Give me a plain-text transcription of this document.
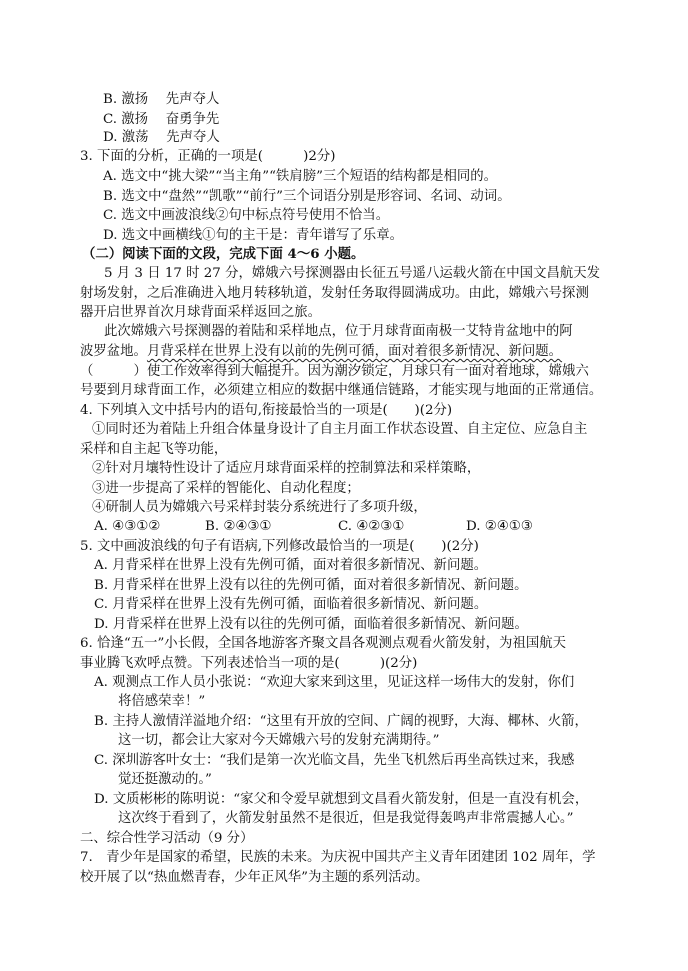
B. 激扬　 先声夺人
C. 激扬　 奋勇争先
D. 激荡　 先声夺人
3. 下面的分析，正确的一项是(　　　)2分)
A. 选文中“挑大梁”“当主角”“铁肩膀”三个短语的结构都是相同的。
B. 选文中“盘然”“凯歌”“前行”三个词语分别是形容词、名词、动词。
C. 选文中画波浪线②句中标点符号使用不恰当。
D. 选文中画横线①句的主干是：青年谱写了乐章。
（二）阅读下面的文段，完成下面 4～6 小题。
5 月 3 日 17 时 27 分，嫦娥六号探测器由长征五号遥八运载火箭在中国文昌航天发
射场发射，之后准确进入地月转移轨道，发射任务取得圆满成功。由此，嫦娥六号探测
器开启世界首次月球背面采样返回之旅。
此次嫦娥六号探测器的着陆和采样地点，位于月球背面南极一艾特肯盆地中的阿
波罗盆地。月背采样在世界上没有以前的先例可循，面对着很多新情况、新问题。
（　　　）使工作效率得到大幅提升。因为潮汐锁定，月球只有一面对着地球，嫦娥六
号要到月球背面工作，必须建立相应的数据中继通信链路，才能实现与地面的正常通信。
4. 下列填入文中括号内的语句,衔接最恰当的一项是(　　)(2分)
①同时还为着陆上升组合体量身设计了自主月面工作状态设置、自主定位、应急自主
采样和自主起飞等功能，
②针对月壤特性设计了适应月球背面采样的控制算法和采样策略，
③进一步提高了采样的智能化、自动化程度；
④研制人员为嫦娥六号采样封装分系统进行了多项升级，
A. ④③①②	B. ②④③①	C. ④②③①	D. ②④①③
5. 文中画波浪线的句子有语病,下列修改最恰当的一项是(　　)(2分)
A. 月背采样在世界上没有先例可循，面对着很多新情况、新问题。
B. 月背采样在世界上没有以往的先例可循，面对着很多新情况、新问题。
C. 月背采样在世界上没有先例可循，面临着很多新情况、新问题。
D. 月背采样在世界上没有以往的先例可循，面临着很多新情况、新问题。
6. 恰逢“五一”小长假，全国各地游客齐聚文昌各观测点观看火箭发射，为祖国航天
事业腾飞欢呼点赞。下列表述恰当一项的是(　　　)(2分)
A. 观测点工作人员小张说：“欢迎大家来到这里，见证这样一场伟大的发射，你们
将倍感荣幸！”
B. 主持人激情洋溢地介绍：“这里有开放的空间、广阔的视野，大海、椰林、火箭，
这一切，都会让大家对今天嫦娥六号的发射充满期待。”
C. 深圳游客叶女士：“我们是第一次光临文昌，先坐飞机然后再坐高铁过来，我感
觉还挺激动的。”
D. 文质彬彬的陈明说：“家父和令爱早就想到文昌看火箭发射，但是一直没有机会，
这次终于看到了，火箭发射虽然不是很近，但是我觉得轰鸣声非常震撼人心。”
二、综合性学习活动（9 分）
7.　青少年是国家的希望，民族的未来。为庆祝中国共产主义青年团建团 102 周年，学
校开展了以“热血燃青春，少年正风华”为主题的系列活动。
